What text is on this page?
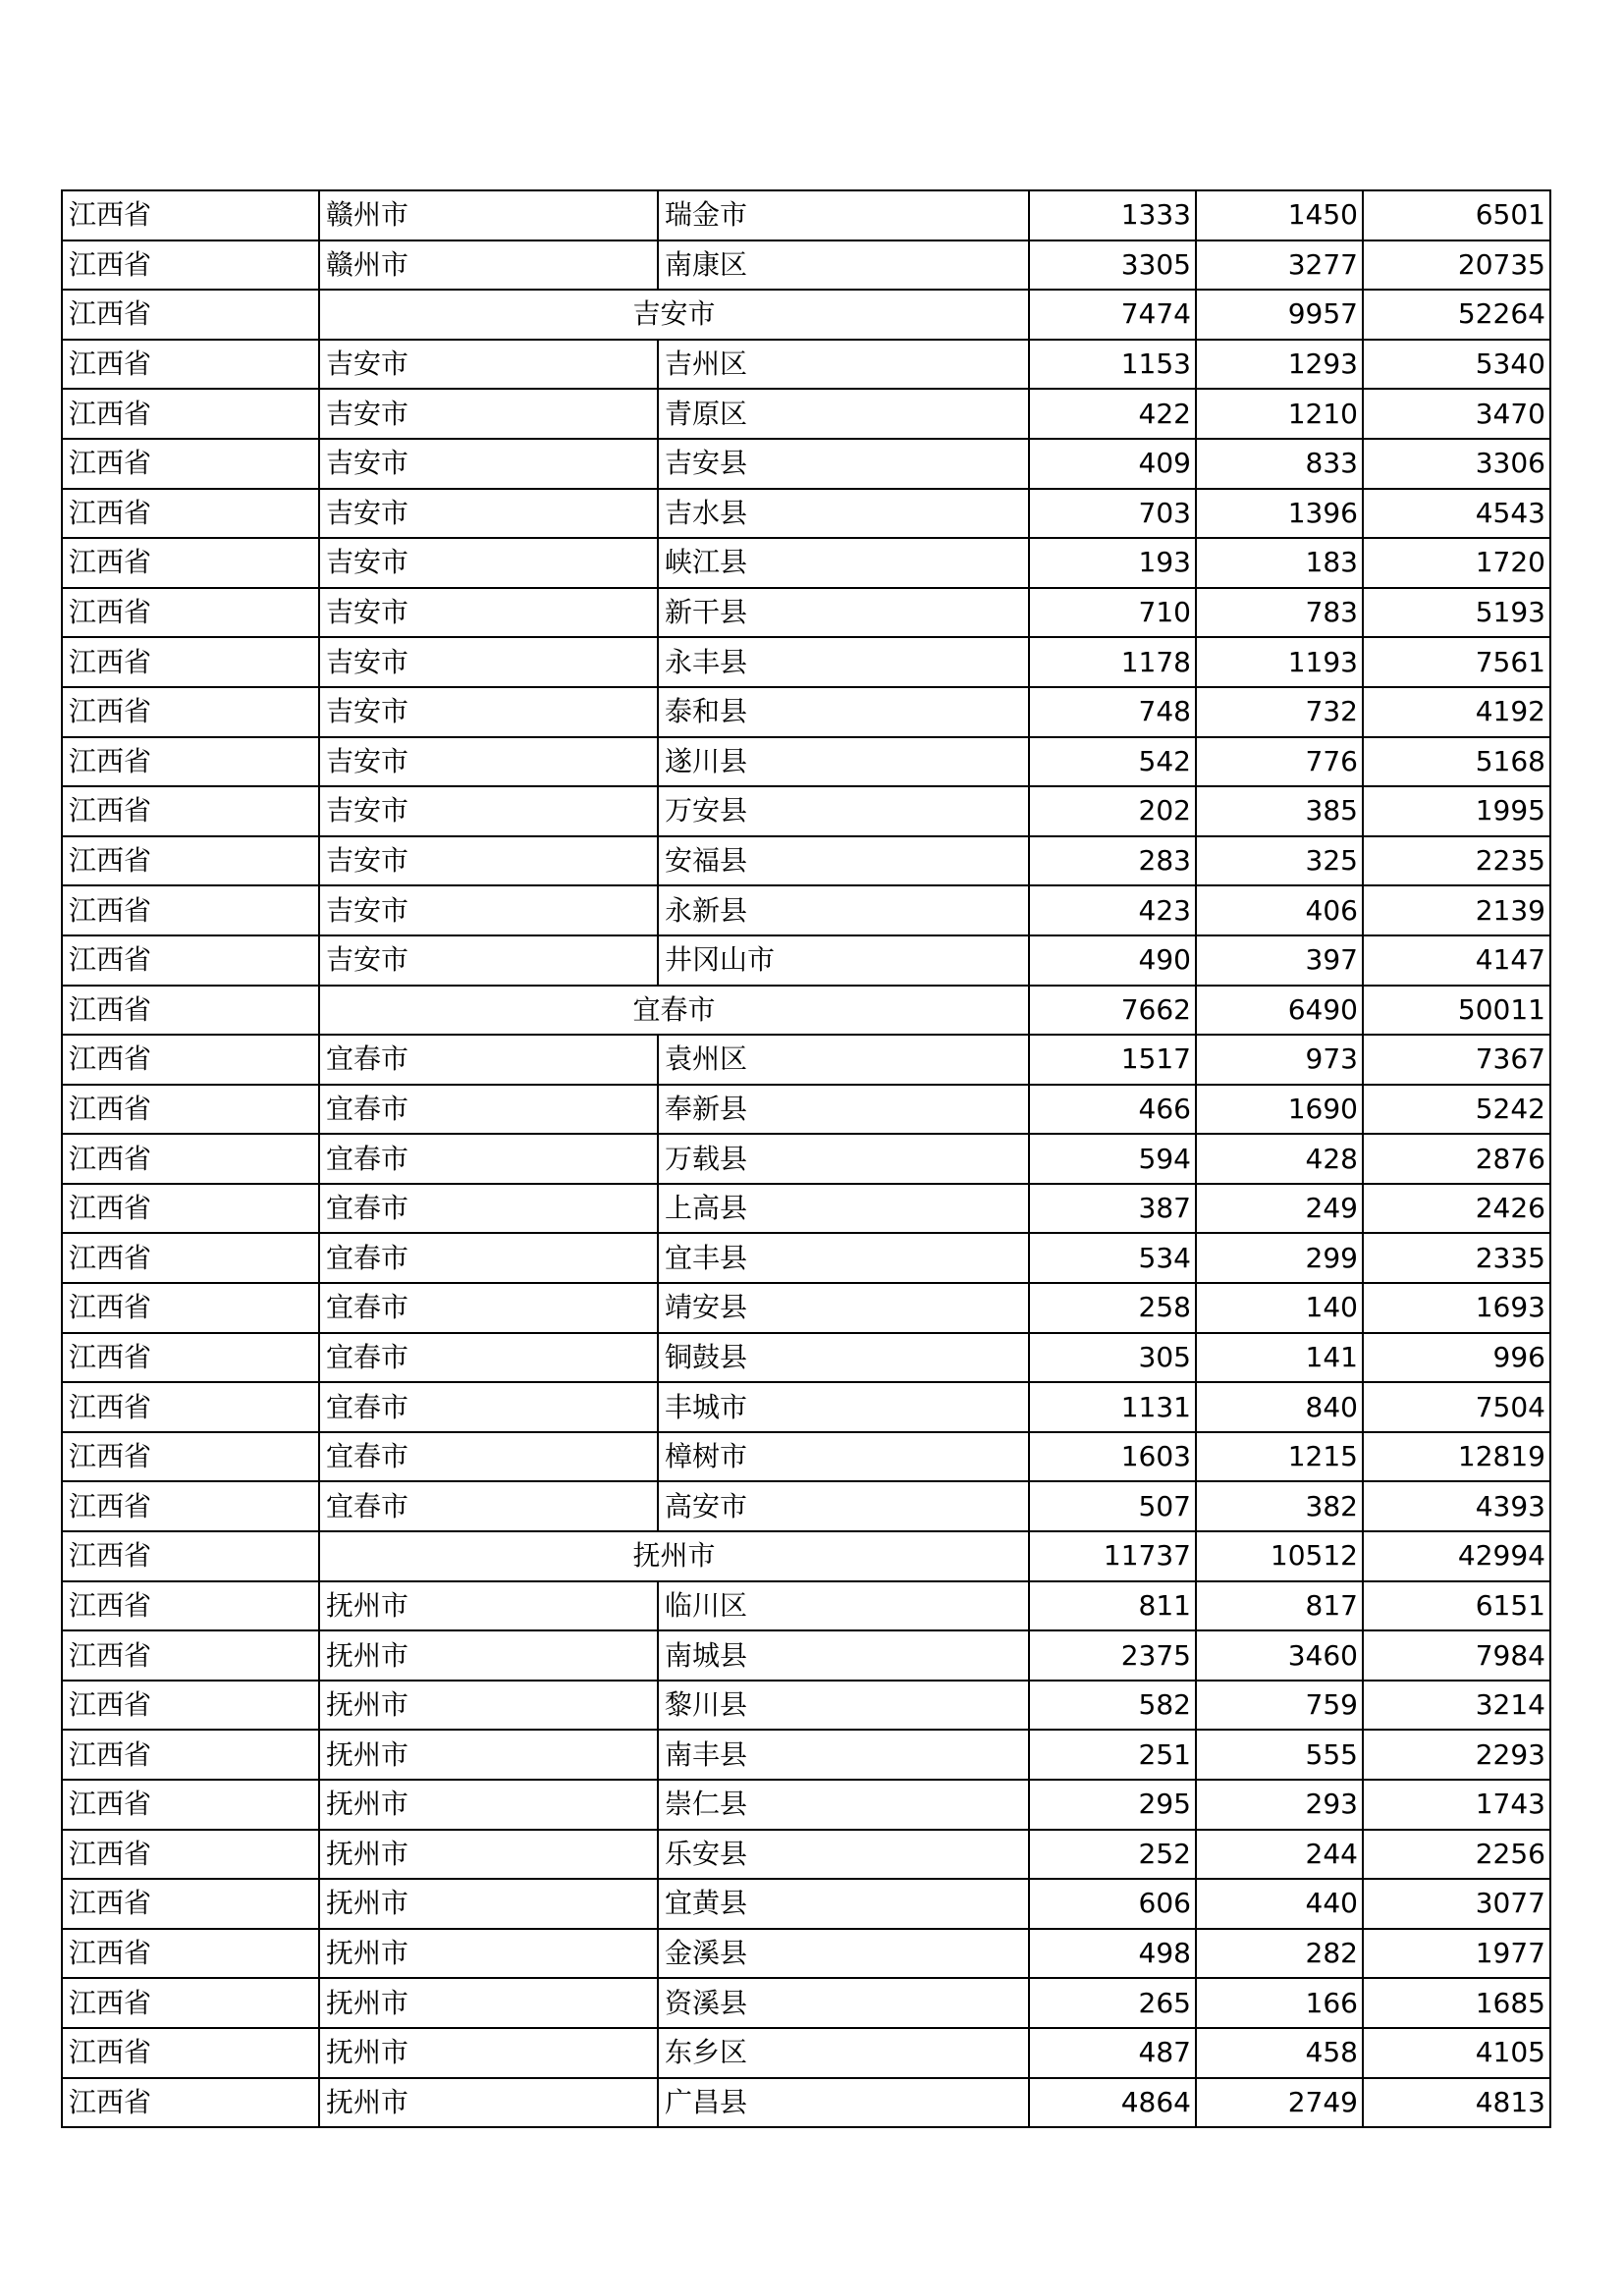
江西省	赣州市	瑞金市	1333	1450	6501
江西省	赣州市	南康区	3305	3277	20735
江西省	吉安市		7474	9957	52264
江西省	吉安市	吉州区	1153	1293	5340
江西省	吉安市	青原区	422	1210	3470
江西省	吉安市	吉安县	409	833	3306
江西省	吉安市	吉水县	703	1396	4543
江西省	吉安市	峡江县	193	183	1720
江西省	吉安市	新干县	710	783	5193
江西省	吉安市	永丰县	1178	1193	7561
江西省	吉安市	泰和县	748	732	4192
江西省	吉安市	遂川县	542	776	5168
江西省	吉安市	万安县	202	385	1995
江西省	吉安市	安福县	283	325	2235
江西省	吉安市	永新县	423	406	2139
江西省	吉安市	井冈山市	490	397	4147
江西省	宜春市		7662	6490	50011
江西省	宜春市	袁州区	1517	973	7367
江西省	宜春市	奉新县	466	1690	5242
江西省	宜春市	万载县	594	428	2876
江西省	宜春市	上高县	387	249	2426
江西省	宜春市	宜丰县	534	299	2335
江西省	宜春市	靖安县	258	140	1693
江西省	宜春市	铜鼓县	305	141	996
江西省	宜春市	丰城市	1131	840	7504
江西省	宜春市	樟树市	1603	1215	12819
江西省	宜春市	高安市	507	382	4393
江西省	抚州市		11737	10512	42994
江西省	抚州市	临川区	811	817	6151
江西省	抚州市	南城县	2375	3460	7984
江西省	抚州市	黎川县	582	759	3214
江西省	抚州市	南丰县	251	555	2293
江西省	抚州市	崇仁县	295	293	1743
江西省	抚州市	乐安县	252	244	2256
江西省	抚州市	宜黄县	606	440	3077
江西省	抚州市	金溪县	498	282	1977
江西省	抚州市	资溪县	265	166	1685
江西省	抚州市	东乡区	487	458	4105
江西省	抚州市	广昌县	4864	2749	4813
